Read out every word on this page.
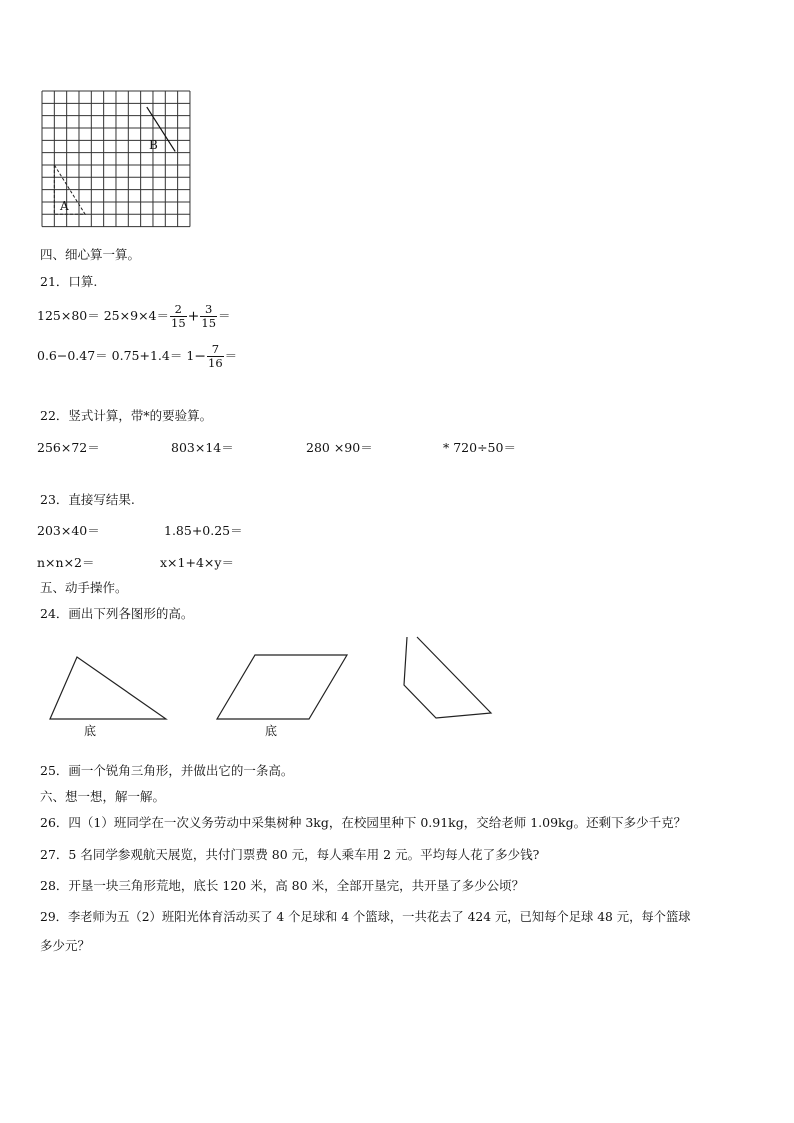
B
A
四、细心算一算。
21．口算.
$125\times 80= 25\times 9\times 4= \frac{2}{15} + \frac{3}{15}$ ＝
$0.6-0.47= 0.75+1.4= 1- \frac{7}{16}$ ＝
22．竖式计算，带*的要验算。
256×72＝	803×14＝	280 ×90＝	* 720÷50＝
23．直接写结果.
203×40＝	1.85+0.25＝
n×n×2＝	x×1+4×y＝
五、动手操作。
24．画出下列各图形的高。
底	底
25．画一个锐角三角形，并做出它的一条高。
六、想一想，解一解。
26．四（1）班同学在一次义务劳动中采集树种 3kg，在校园里种下 0.91kg，交给老师 1.09kg。还剩下多少千克？
27．5 名同学参观航天展览，共付门票费 80 元，每人乘车用 2 元。平均每人花了多少钱?
28．开垦一块三角形荒地，底长 120 米，高 80 米，全部开垦完，共开垦了多少公顷？
29．李老师为五（2）班阳光体育活动买了 4 个足球和 4 个篮球，一共花去了 424 元，已知每个足球 48 元，每个篮球
多少元？
